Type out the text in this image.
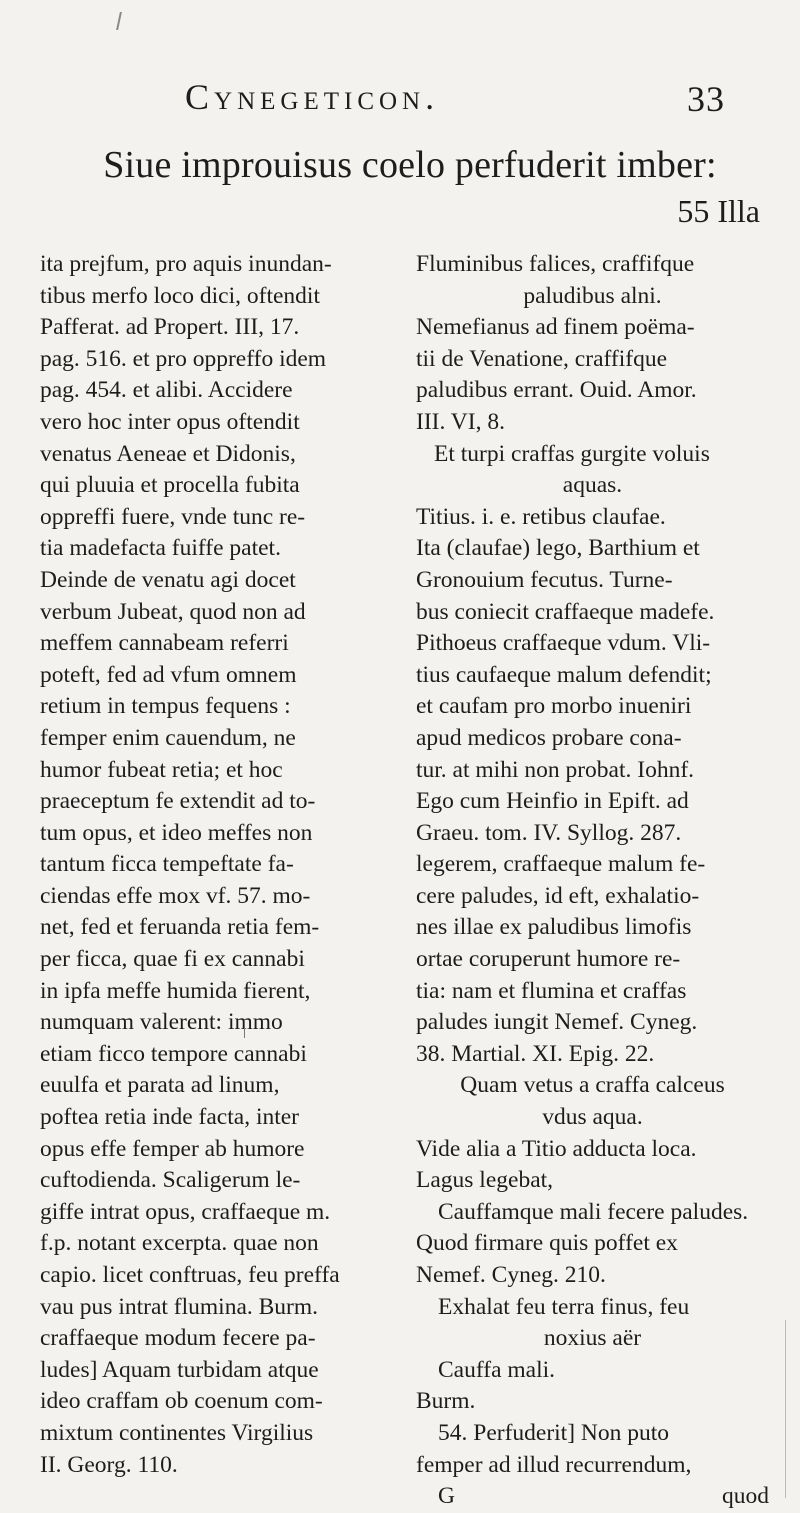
Cynegeticon.	33
Siue improuisus coelo perfuderit imber:
55 Illa
ita prejfum, pro aquis inundan-
tibus merfo loco dici, oftendit
Pafferat. ad Propert. III, 17.
pag. 516. et pro oppreffo idem
pag. 454. et alibi. Accidere
vero hoc inter opus oftendit
venatus Aeneae et Didonis,
qui pluuia et procella fubita
oppreffi fuere, vnde tunc re-
tia madefacta fuiffe patet.
Deinde de venatu agi docet
verbum Jubeat, quod non ad
meffem cannabeam referri
poteft, fed ad vfum omnem
retium in tempus fequens :
femper enim cauendum, ne
humor fubeat retia; et hoc
praeceptum fe extendit ad to-
tum opus, et ideo meffes non
tantum ficca tempeftate fa-
ciendas effe mox vf. 57. mo-
net, fed et feruanda retia fem-
per ficca, quae fi ex cannabi
in ipfa meffe humida fierent,
numquam valerent: immo
etiam ficco tempore cannabi
euulfa et parata ad linum,
poftea retia inde facta, inter
opus effe femper ab humore
cuftodienda. Scaligerum le-
giffe intrat opus, craffaeque m.
f.p. notant excerpta. quae non
capio. licet conftruas, feu preffa
vau pus intrat flumina. Burm.
craffaeque modum fecere pa-
ludes] Aquam turbidam atque
ideo craffam ob coenum com-
mixtum continentes Virgilius
II. Georg. 110.
Fluminibus falices, craffifque
paludibus alni.
Nemefianus ad finem poëma-
tii de Venatione, craffifque
paludibus errant. Ouid. Amor.
III. VI, 8.
Et turpi craffas gurgite voluis
aquas.
Titius. i. e. retibus claufae.
Ita (claufae) lego, Barthium et
Gronouium fecutus. Turne-
bus coniecit craffaeque madefe.
Pithoeus craffaeque vdum. Vli-
tius caufaeque malum defendit;
et caufam pro morbo inueniri
apud medicos probare cona-
tur. at mihi non probat. Iohnf.
Ego cum Heinfio in Epift. ad
Graeu. tom. IV. Syllog. 287.
legerem, craffaeque malum fe-
cere paludes, id eft, exhalatio-
nes illae ex paludibus limofis
ortae coruperunt humore re-
tia: nam et flumina et craffas
paludes iungit Nemef. Cyneg.
38. Martial. XI. Epig. 22.
Quam vetus a craffa calceus
vdus aqua.
Vide alia a Titio adducta loca.
Lagus legebat,
Cauffamque mali fecere paludes.
Quod firmare quis poffet ex
Nemef. Cyneg. 210.
Exhalat feu terra finus, feu
noxius aër
Cauffa mali.
Burm.
54. Perfuderit] Non puto
femper ad illud recurrendum,
G	quod
